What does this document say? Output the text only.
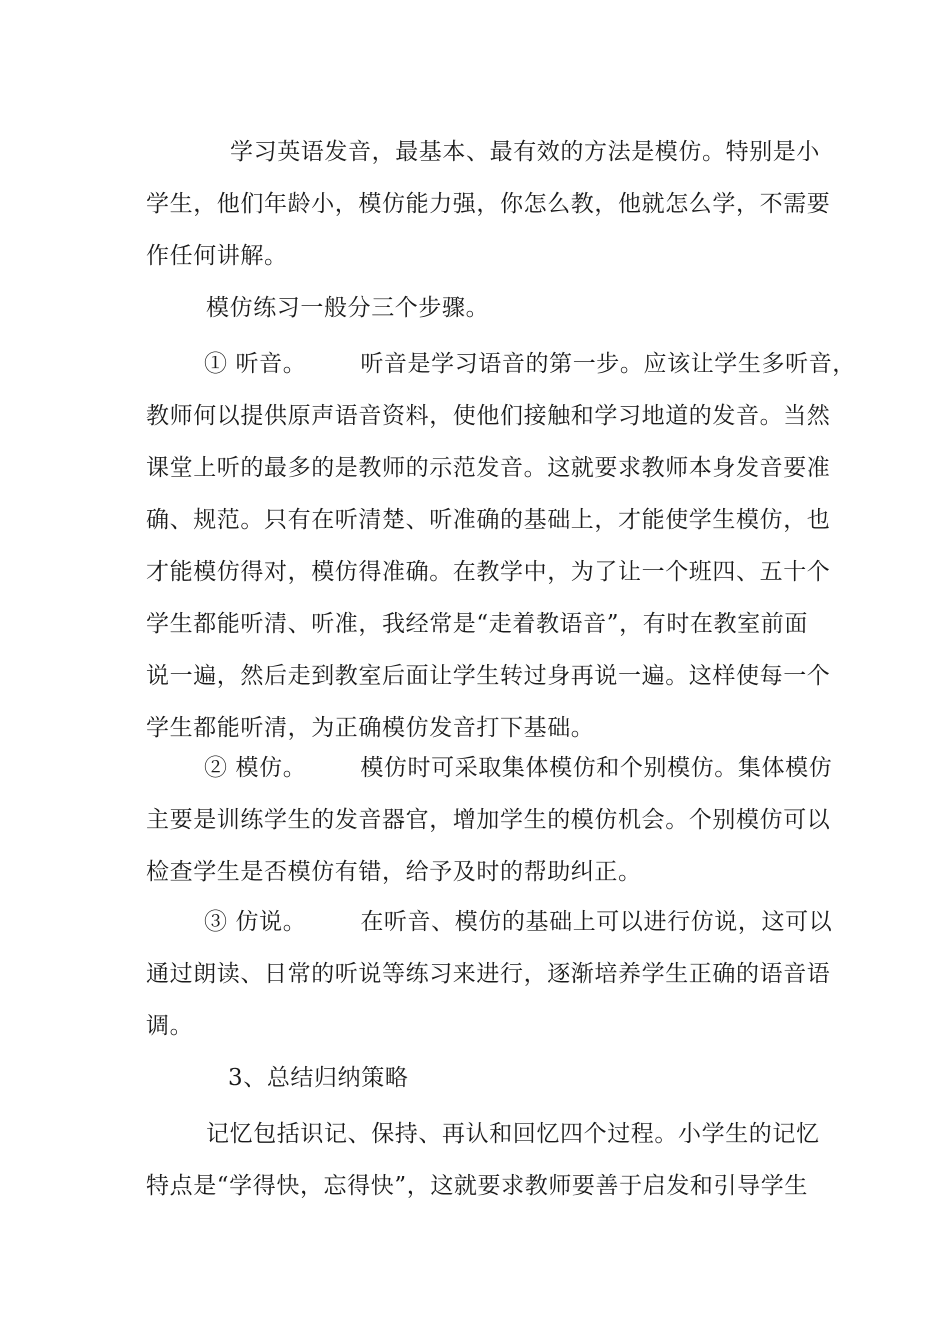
学习英语发音，最基本、最有效的方法是模仿。特别是小
学生，他们年龄小，模仿能力强，你怎么教，他就怎么学，不需要
作任何讲解。
模仿练习一般分三个步骤。
① 听音。 听音是学习语音的第一步。应该让学生多听音，
教师何以提供原声语音资料，使他们接触和学习地道的发音。当然
课堂上听的最多的是教师的示范发音。这就要求教师本身发音要准
确、规范。只有在听清楚、听准确的基础上，才能使学生模仿，也
才能模仿得对，模仿得准确。在教学中，为了让一个班四、五十个
学生都能听清、听准，我经常是“走着教语音”，有时在教室前面
说一遍，然后走到教室后面让学生转过身再说一遍。这样使每一个
学生都能听清，为正确模仿发音打下基础。
② 模仿。 模仿时可采取集体模仿和个别模仿。集体模仿
主要是训练学生的发音器官，增加学生的模仿机会。个别模仿可以
检查学生是否模仿有错，给予及时的帮助纠正。
③ 仿说。 在听音、模仿的基础上可以进行仿说，这可以
通过朗读、日常的听说等练习来进行，逐渐培养学生正确的语音语
调。
3、总结归纳策略
记忆包括识记、保持、再认和回忆四个过程。小学生的记忆
特点是“学得快，忘得快”，这就要求教师要善于启发和引导学生
